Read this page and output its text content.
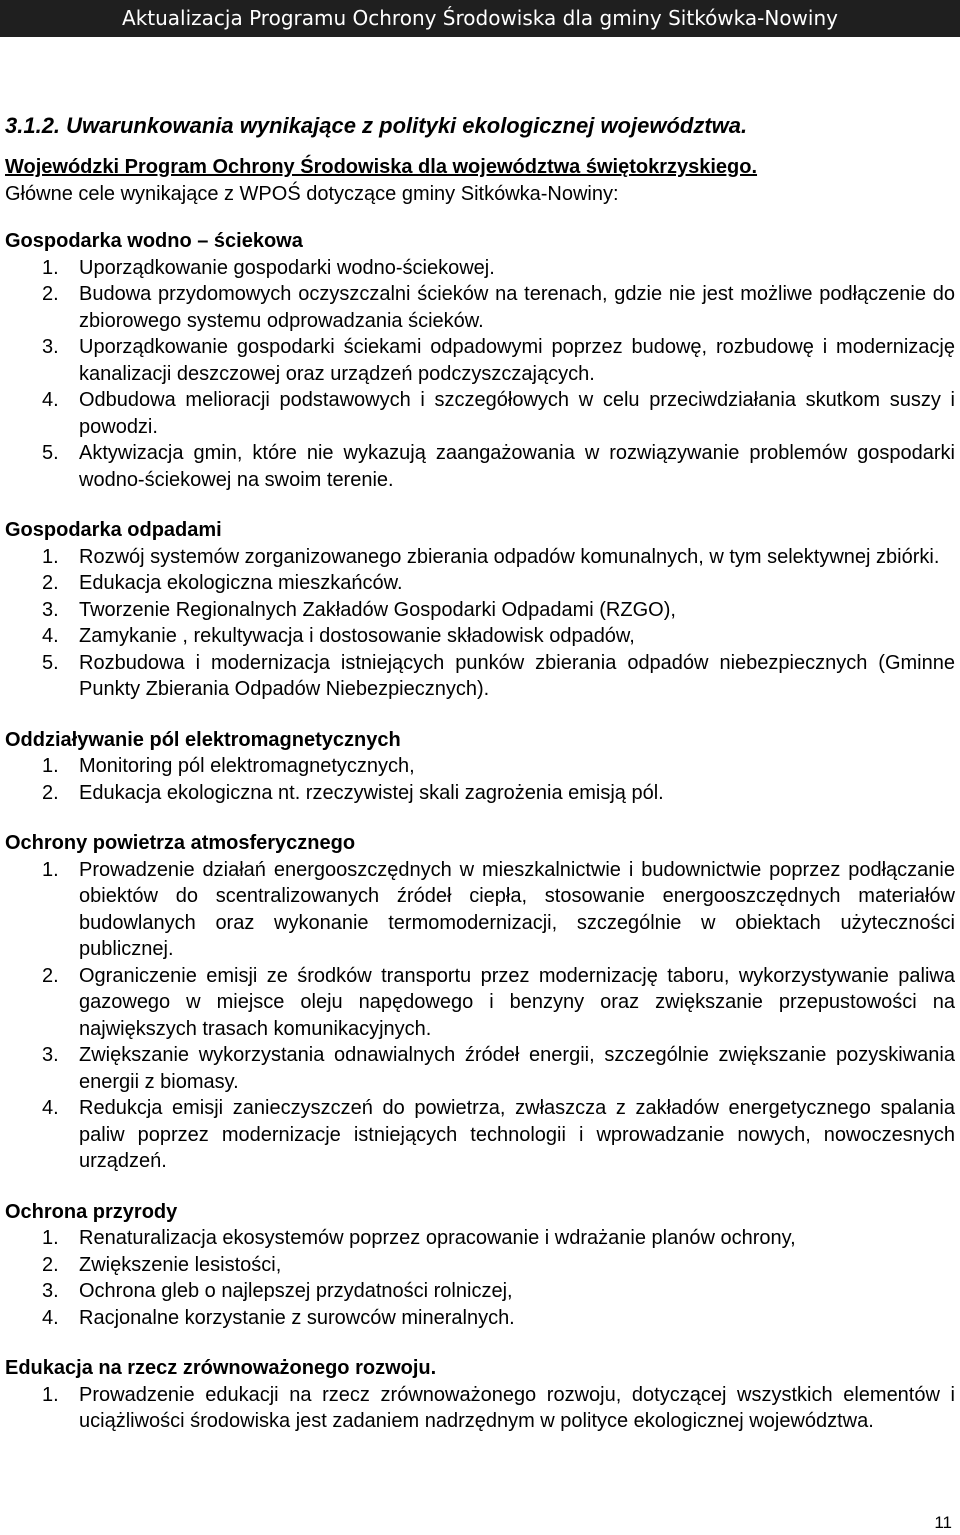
Aktualizacja Programu Ochrony Środowiska dla gminy Sitkówka-Nowiny
3.1.2. Uwarunkowania wynikające z polityki ekologicznej województwa.

Wojewódzki Program Ochrony Środowiska dla województwa świętokrzyskiego.

Główne cele wynikające z WPOŚ dotyczące gminy Sitkówka-Nowiny:

Gospodarka wodno – ściekowa

1. Uporządkowanie gospodarki wodno-ściekowej.
2. Budowa przydomowych oczyszczalni ścieków na terenach, gdzie nie jest możliwe podłączenie do zbiorowego systemu odprowadzania ścieków.
3. Uporządkowanie gospodarki ściekami odpadowymi poprzez budowę, rozbudowę i modernizację kanalizacji deszczowej oraz urządzeń podczyszczających.
4. Odbudowa melioracji podstawowych i szczegółowych w celu przeciwdziałania skutkom suszy i powodzi.
5. Aktywizacja gmin, które nie wykazują zaangażowania w rozwiązywanie problemów gospodarki wodno-ściekowej na swoim terenie.

Gospodarka odpadami

1. Rozwój systemów zorganizowanego zbierania odpadów komunalnych, w tym selektywnej zbiórki.
2. Edukacja ekologiczna mieszkańców.
3. Tworzenie Regionalnych Zakładów Gospodarki Odpadami (RZGO),
4. Zamykanie , rekultywacja i dostosowanie składowisk odpadów,
5. Rozbudowa i modernizacja istniejących punków zbierania odpadów niebezpiecznych (Gminne Punkty Zbierania Odpadów Niebezpiecznych).

Oddziaływanie pól elektromagnetycznych

1. Monitoring pól elektromagnetycznych,
2. Edukacja ekologiczna nt. rzeczywistej skali zagrożenia emisją pól.

Ochrony powietrza atmosferycznego

1. Prowadzenie działań energooszczędnych w mieszkalnictwie i budownictwie poprzez podłączanie obiektów do scentralizowanych źródeł ciepła, stosowanie energooszczędnych materiałów budowlanych oraz wykonanie termomodernizacji, szczególnie w obiektach użyteczności publicznej.
2. Ograniczenie emisji ze środków transportu przez modernizację taboru, wykorzystywanie paliwa gazowego w miejsce oleju napędowego i benzyny oraz zwiększanie przepustowości na największych trasach komunikacyjnych.
3. Zwiększanie wykorzystania odnawialnych źródeł energii, szczególnie zwiększanie pozyskiwania energii z biomasy.
4. Redukcja emisji zanieczyszczeń do powietrza, zwłaszcza z zakładów energetycznego spalania paliw poprzez modernizacje istniejących technologii i wprowadzanie nowych, nowoczesnych urządzeń.

Ochrona przyrody

1. Renaturalizacja ekosystemów poprzez opracowanie i wdrażanie planów ochrony,
2. Zwiększenie lesistości,
3. Ochrona gleb o najlepszej przydatności rolniczej,
4. Racjonalne korzystanie z surowców mineralnych.

Edukacja na rzecz zrównoważonego rozwoju.

1. Prowadzenie edukacji na rzecz zrównoważonego rozwoju, dotyczącej wszystkich elementów i uciążliwości środowiska jest zadaniem nadrzędnym w polityce ekologicznej województwa.
11
